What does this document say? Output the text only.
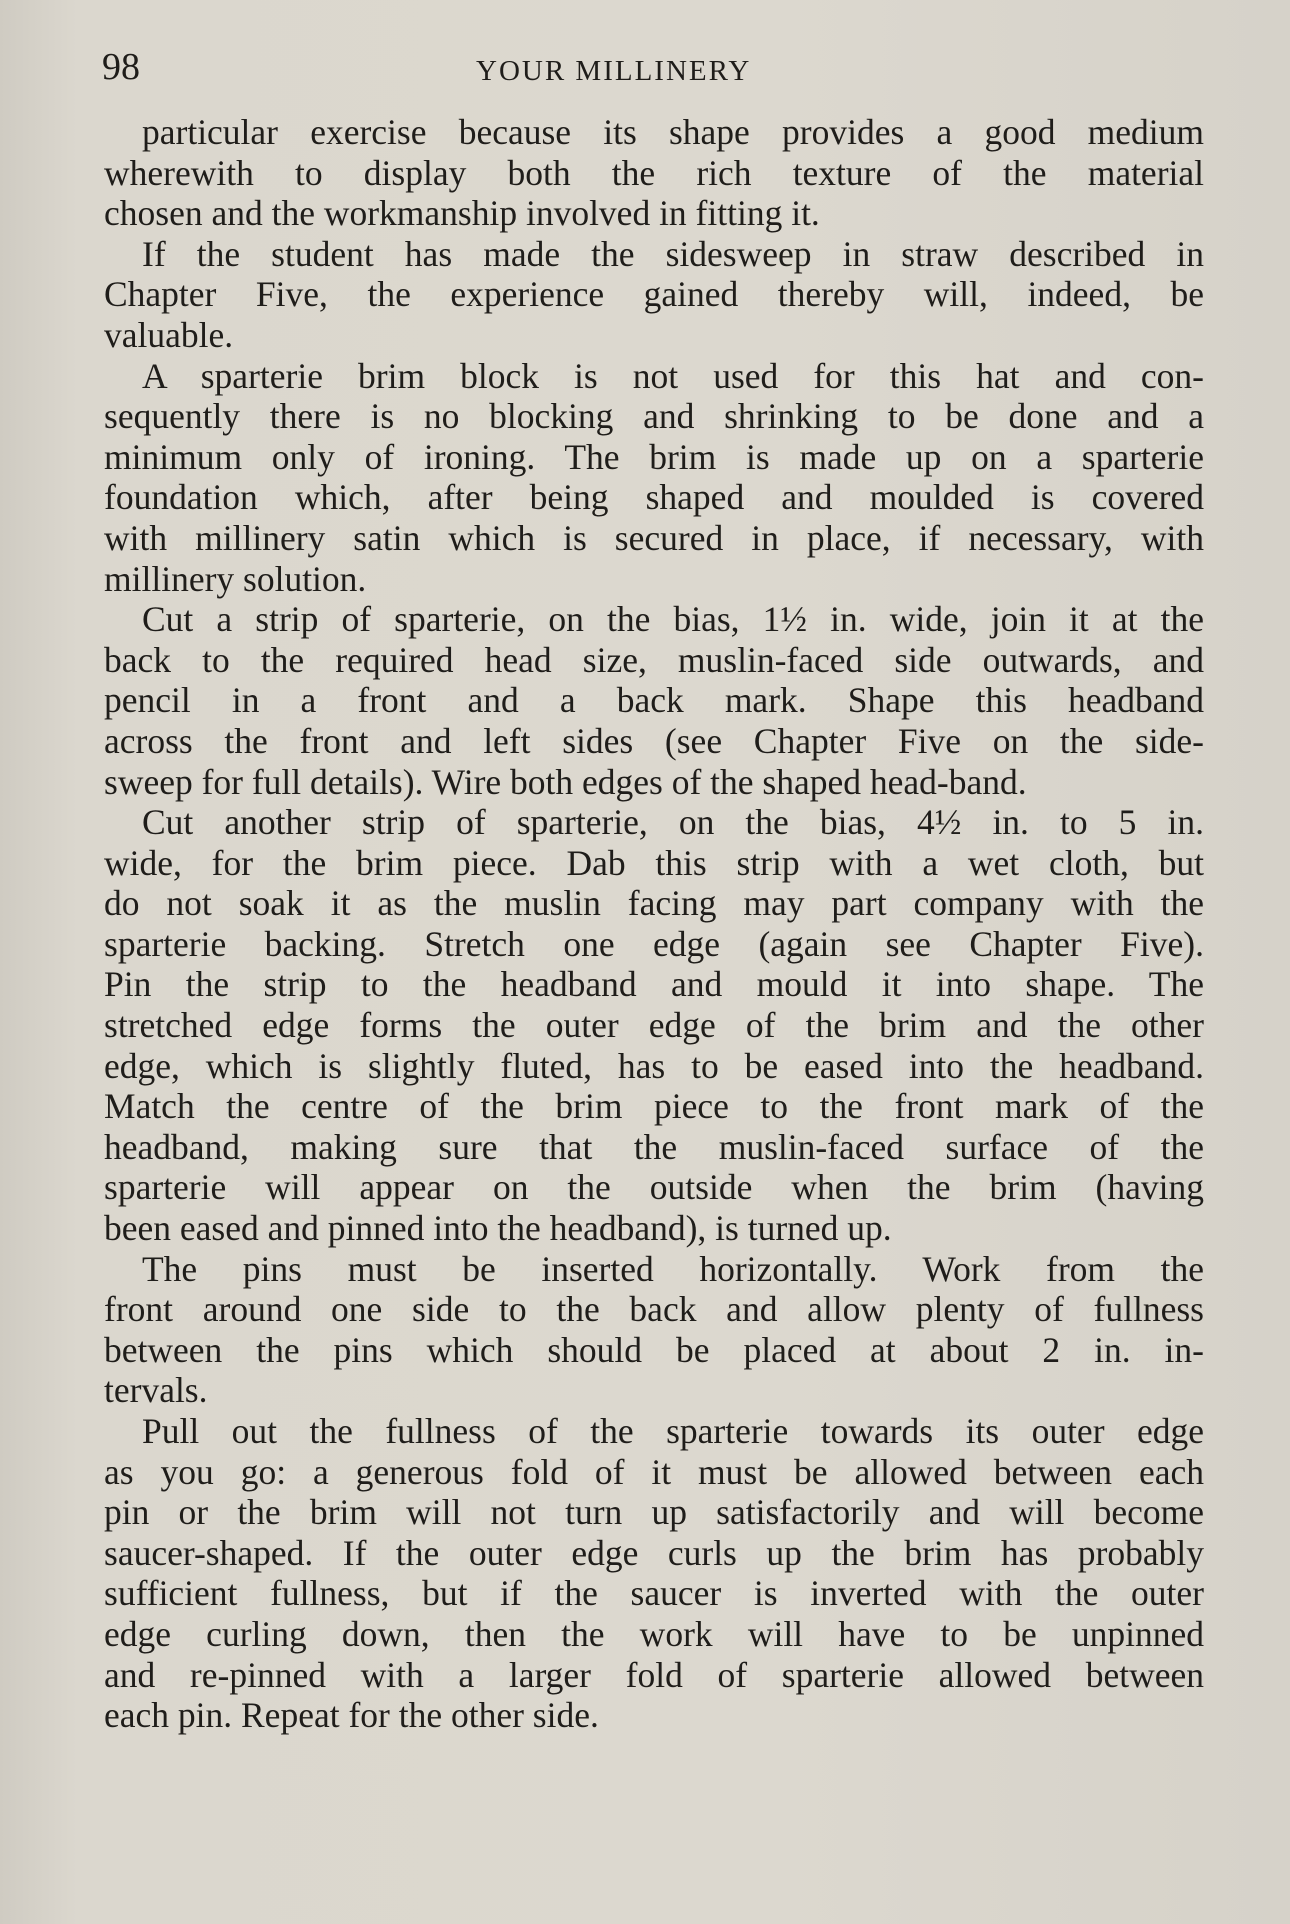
98	YOUR MILLINERY
particular exercise because its shape provides a good medium
wherewith to display both the rich texture of the material
chosen and the workmanship involved in fitting it.
If the student has made the sidesweep in straw described in
Chapter Five, the experience gained thereby will, indeed, be
valuable.
A sparterie brim block is not used for this hat and con-
sequently there is no blocking and shrinking to be done and a
minimum only of ironing. The brim is made up on a sparterie
foundation which, after being shaped and moulded is covered
with millinery satin which is secured in place, if necessary, with
millinery solution.
Cut a strip of sparterie, on the bias, 1½ in. wide, join it at the
back to the required head size, muslin-faced side outwards, and
pencil in a front and a back mark. Shape this headband
across the front and left sides (see Chapter Five on the side-
sweep for full details). Wire both edges of the shaped head-band.
Cut another strip of sparterie, on the bias, 4½ in. to 5 in.
wide, for the brim piece. Dab this strip with a wet cloth, but
do not soak it as the muslin facing may part company with the
sparterie backing. Stretch one edge (again see Chapter Five).
Pin the strip to the headband and mould it into shape. The
stretched edge forms the outer edge of the brim and the other
edge, which is slightly fluted, has to be eased into the headband.
Match the centre of the brim piece to the front mark of the
headband, making sure that the muslin-faced surface of the
sparterie will appear on the outside when the brim (having
been eased and pinned into the headband), is turned up.
The pins must be inserted horizontally. Work from the
front around one side to the back and allow plenty of fullness
between the pins which should be placed at about 2 in. in-
tervals.
Pull out the fullness of the sparterie towards its outer edge
as you go: a generous fold of it must be allowed between each
pin or the brim will not turn up satisfactorily and will become
saucer-shaped. If the outer edge curls up the brim has probably
sufficient fullness, but if the saucer is inverted with the outer
edge curling down, then the work will have to be unpinned
and re-pinned with a larger fold of sparterie allowed between
each pin. Repeat for the other side.
